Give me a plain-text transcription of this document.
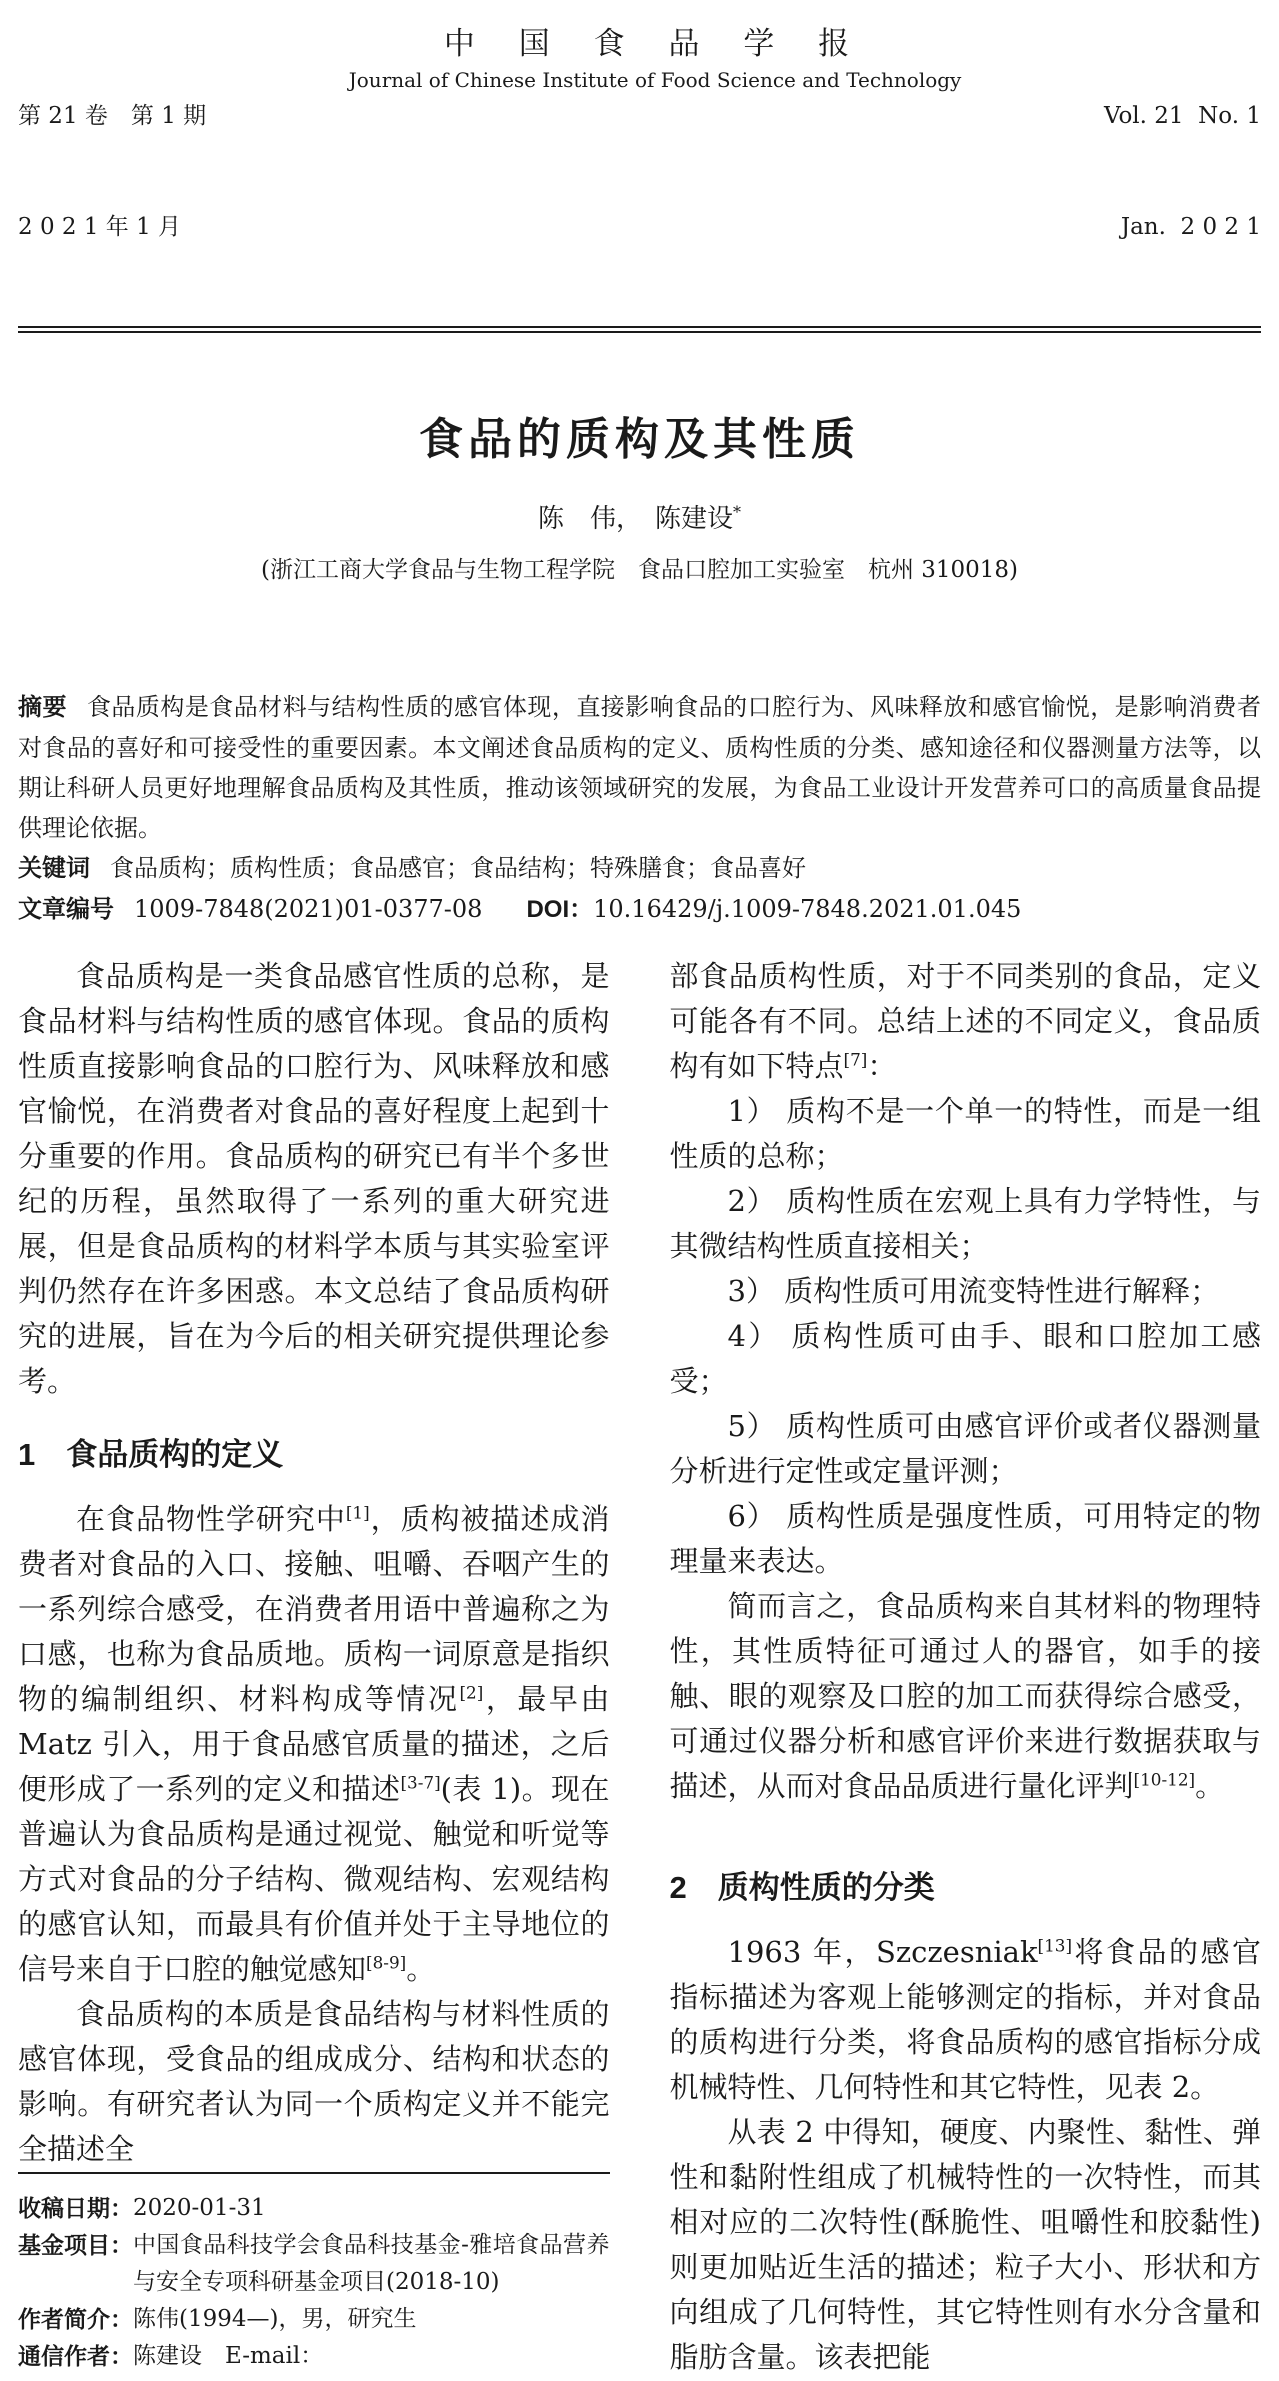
第 21 卷　第 1 期

2 0 2 1 年 1 月

中 国 食 品 学 报
Journal of Chinese Institute of Food Science and Technology

Vol. 21  No. 1

Jan.  2 0 2 1

食品的质构及其性质
陈　伟，　陈建设*
(浙江工商大学食品与生物工程学院　食品口腔加工实验室　杭州 310018)

摘要 食品质构是食品材料与结构性质的感官体现，直接影响食品的口腔行为、风味释放和感官愉悦，是影响消费者对食品的喜好和可接受性的重要因素。本文阐述食品质构的定义、质构性质的分类、感知途径和仪器测量方法等，以期让科研人员更好地理解食品质构及其性质，推动该领域研究的发展，为食品工业设计开发营养可口的高质量食品提供理论依据。

关键词 食品质构；质构性质；食品感官；食品结构；特殊膳食；食品喜好

文章编号 1009-7848(2021)01-0377-08 DOI：10.16429/j.1009-7848.2021.01.045

食品质构是一类食品感官性质的总称，是食品材料与结构性质的感官体现。食品的质构性质直接影响食品的口腔行为、风味释放和感官愉悦，在消费者对食品的喜好程度上起到十分重要的作用。食品质构的研究已有半个多世纪的历程，虽然取得了一系列的重大研究进展，但是食品质构的材料学本质与其实验室评判仍然存在许多困惑。本文总结了食品质构研究的进展，旨在为今后的相关研究提供理论参考。

1　食品质构的定义

在食品物性学研究中[1]，质构被描述成消费者对食品的入口、接触、咀嚼、吞咽产生的一系列综合感受，在消费者用语中普遍称之为口感，也称为食品质地。质构一词原意是指织物的编制组织、材料构成等情况[2]，最早由 Matz 引入，用于食品感官质量的描述，之后便形成了一系列的定义和描述[3-7](表 1)。现在普遍认为食品质构是通过视觉、触觉和听觉等方式对食品的分子结构、微观结构、宏观结构的感官认知，而最具有价值并处于主导地位的信号来自于口腔的触觉感知[8-9]。

食品质构的本质是食品结构与材料性质的感官体现，受食品的组成成分、结构和状态的影响。有研究者认为同一个质构定义并不能完全描述全

收稿日期： 2020-01-31
基金项目： 中国食品科技学会食品科技基金-雅培食品营养与安全专项科研基金项目(2018-10)
作者简介： 陈伟(1994—)，男，研究生
通信作者： 陈建设　E-mail：

部食品质构性质，对于不同类别的食品，定义可能各有不同。总结上述的不同定义，食品质构有如下特点[7]：

1） 质构不是一个单一的特性，而是一组性质的总称；

2） 质构性质在宏观上具有力学特性，与其微结构性质直接相关；

3） 质构性质可用流变特性进行解释；

4） 质构性质可由手、眼和口腔加工感受；

5） 质构性质可由感官评价或者仪器测量分析进行定性或定量评测；

6） 质构性质是强度性质，可用特定的物理量来表达。

简而言之，食品质构来自其材料的物理特性，其性质特征可通过人的器官，如手的接触、眼的观察及口腔的加工而获得综合感受，可通过仪器分析和感官评价来进行数据获取与描述，从而对食品品质进行量化评判[10-12]。

2　质构性质的分类

1963 年，Szczesniak[13]将食品的感官指标描述为客观上能够测定的指标，并对食品的质构进行分类，将食品质构的感官指标分成机械特性、几何特性和其它特性，见表 2。

从表 2 中得知，硬度、内聚性、黏性、弹性和黏附性组成了机械特性的一次特性，而其相对应的二次特性(酥脆性、咀嚼性和胶黏性)则更加贴近生活的描述；粒子大小、形状和方向组成了几何特性，其它特性则有水分含量和脂肪含量。该表把能
